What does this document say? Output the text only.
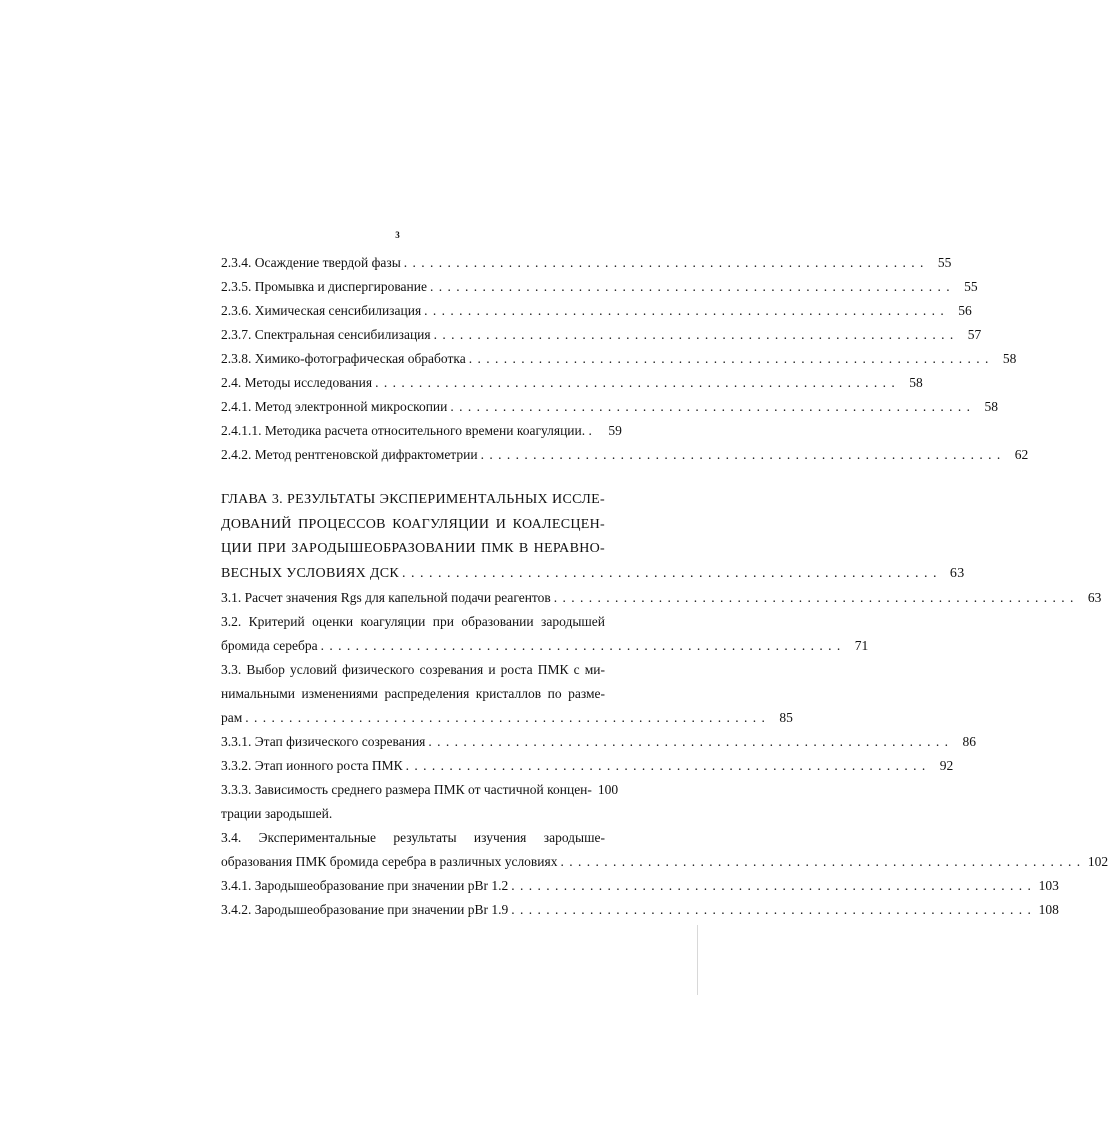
3
2.3.4. Осаждение твердой фазы . . . . . . . . . . . . . . . . . . . . . . . . . . . . . . . . . . . . . . . . . . . . . . . . . . . . . . . . . . . .	55
2.3.5. Промывка и диспергирование . . . . . . . . . . . . . . . . . . . . . . . . . . . . . . . . . . . . . . . . . . . . . . . . . . . . . . . . . . . .	55
2.3.6. Химическая сенсибилизация . . . . . . . . . . . . . . . . . . . . . . . . . . . . . . . . . . . . . . . . . . . . . . . . . . . . . . . . . . . .	56
2.3.7. Спектральная сенсибилизация . . . . . . . . . . . . . . . . . . . . . . . . . . . . . . . . . . . . . . . . . . . . . . . . . . . . . . . . . . . .	57
2.3.8. Химико-фотографическая обработка . . . . . . . . . . . . . . . . . . . . . . . . . . . . . . . . . . . . . . . . . . . . . . . . . . . . . . . . . . . .	58
2.4. Методы исследования . . . . . . . . . . . . . . . . . . . . . . . . . . . . . . . . . . . . . . . . . . . . . . . . . . . . . . . . . . . .	58
2.4.1. Метод электронной микроскопии . . . . . . . . . . . . . . . . . . . . . . . . . . . . . . . . . . . . . . . . . . . . . . . . . . . . . . . . . . . .	58
2.4.1.1. Методика расчета относительного времени коагуляции. .	59
2.4.2. Метод рентгеновской дифрактометрии . . . . . . . . . . . . . . . . . . . . . . . . . . . . . . . . . . . . . . . . . . . . . . . . . . . . . . . . . . . .	62
ГЛАВА 3. РЕЗУЛЬТАТЫ ЭКСПЕРИМЕНТАЛЬНЫХ ИССЛЕ-
ДОВАНИЙ ПРОЦЕССОВ КОАГУЛЯЦИИ И КОАЛЕСЦЕН-
ЦИИ ПРИ ЗАРОДЫШЕОБРАЗОВАНИИ ПМК В НЕРАВНО-
ВЕСНЫХ УСЛОВИЯХ ДСК . . . . . . . . . . . . . . . . . . . . . . . . . . . . . . . . . . . . . . . . . . . . . . . . . . . . . . . . . . . . 63
3.1. Расчет значения Rgs для капельной подачи реагентов . . . . . . . . . . . . . . . . . . . . . . . . . . . . . . . . . . . . . . . . . . . . . . . . . . . . . . . . . . . .	63
3.2. Критерий оценки коагуляции при образовании зародышей
бромида серебра . . . . . . . . . . . . . . . . . . . . . . . . . . . . . . . . . . . . . . . . . . . . . . . . . . . . . . . . . . . .	71
3.3. Выбор условий физического созревания и роста ПМК с ми-
нимальными изменениями распределения кристаллов по разме-
рам . . . . . . . . . . . . . . . . . . . . . . . . . . . . . . . . . . . . . . . . . . . . . . . . . . . . . . . . . . . .	85
3.3.1. Этап физического созревания . . . . . . . . . . . . . . . . . . . . . . . . . . . . . . . . . . . . . . . . . . . . . . . . . . . . . . . . . . . .	86
3.3.2. Этап ионного роста ПМК . . . . . . . . . . . . . . . . . . . . . . . . . . . . . . . . . . . . . . . . . . . . . . . . . . . . . . . . . . . .	92
3.3.3. Зависимость среднего размера ПМК от частичной концен- 100
трации зародышей.
3.4. Экспериментальные результаты изучения зародыше-
образования ПМК бромида серебра в различных условиях . . . . . . . . . . . . . . . . . . . . . . . . . . . . . . . . . . . . . . . . . . . . . . . . . . . . . . . . . . . . 102
3.4.1. Зародышеобразование при значении pBr 1.2 . . . . . . . . . . . . . . . . . . . . . . . . . . . . . . . . . . . . . . . . . . . . . . . . . . . . . . . . . . . . 103
3.4.2. Зародышеобразование при значении pBr 1.9 . . . . . . . . . . . . . . . . . . . . . . . . . . . . . . . . . . . . . . . . . . . . . . . . . . . . . . . . . . . . 108
